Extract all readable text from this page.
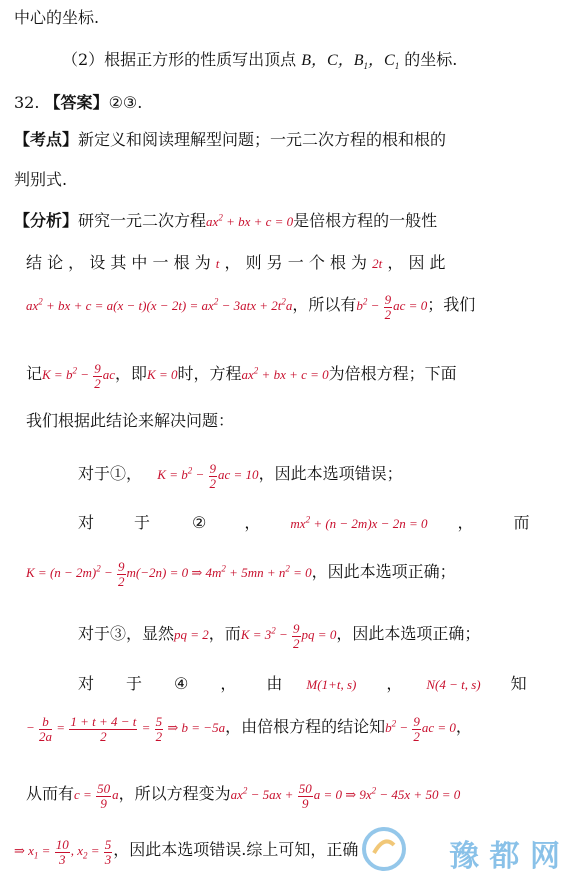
中心的坐标.
（2）根据正方形的性质写出顶点 B，C，$B_1$，$C_1$ 的坐标.
32. 【答案】②③.
【考点】新定义和阅读理解型问题；一元二次方程的根和根的
判别式.
【分析】研究一元二次方程$ax^2$ + bx + c = 0是倍根方程的一般性
结 论 ， 设 其 中 一 根 为 t ， 则 另 一 个 根 为 2t ， 因 此
$ax^2$ + bx + $c = a(x - t)(x - 2t) = ax^2 - 3atx + 2t^2a$，所以有$b^2 - \frac{9}{2}$ ac = 0；我们
记$K = b^2 - \frac{9}{2}$ ac，即K = 0时，方程$ax^2$ + bx + c = 0为倍根方程；下面
我们根据此结论来解决问题：
对于①， $K = b^2 - \frac{9}{2}$ ac = 10，因此本选项错误；
对	于	② ， $mx^2 + (n - 2m)x - 2n = 0$ ，	而
$K = (n - 2m)^2 - \frac{9}{2} m(-2n) = 0$ ⇒ $4m^2 + 5mn + n^2 = 0$，因此本选项正确；
对于③，显然pq = 2，而$K = 3^2 - \frac{9}{2}$ pq = 0，因此本选项正确；
对 于 ④ ， 由 M(1+t, s) ， N(4 − t, s) 知
− $\frac{b}{2a} = \frac{1 + t + 4 - t}{2} = \frac{5}{2}$ ⇒ b = −5a，由倍根方程的结论知$b^2 - \frac{9}{2}$ ac = 0，
从而有$c = \frac{50}{9}$ a，所以方程变为$ax^2 - 5ax + \frac{50}{9}$ a = 0 ⇒ $9x^2 - 45x + 50 = 0$
⇒ $x_1 = \frac{10}{3}$ , $x_2 = \frac{5}{3}$ ，因此本选项错误.综上可知，正确	豫 都 网
